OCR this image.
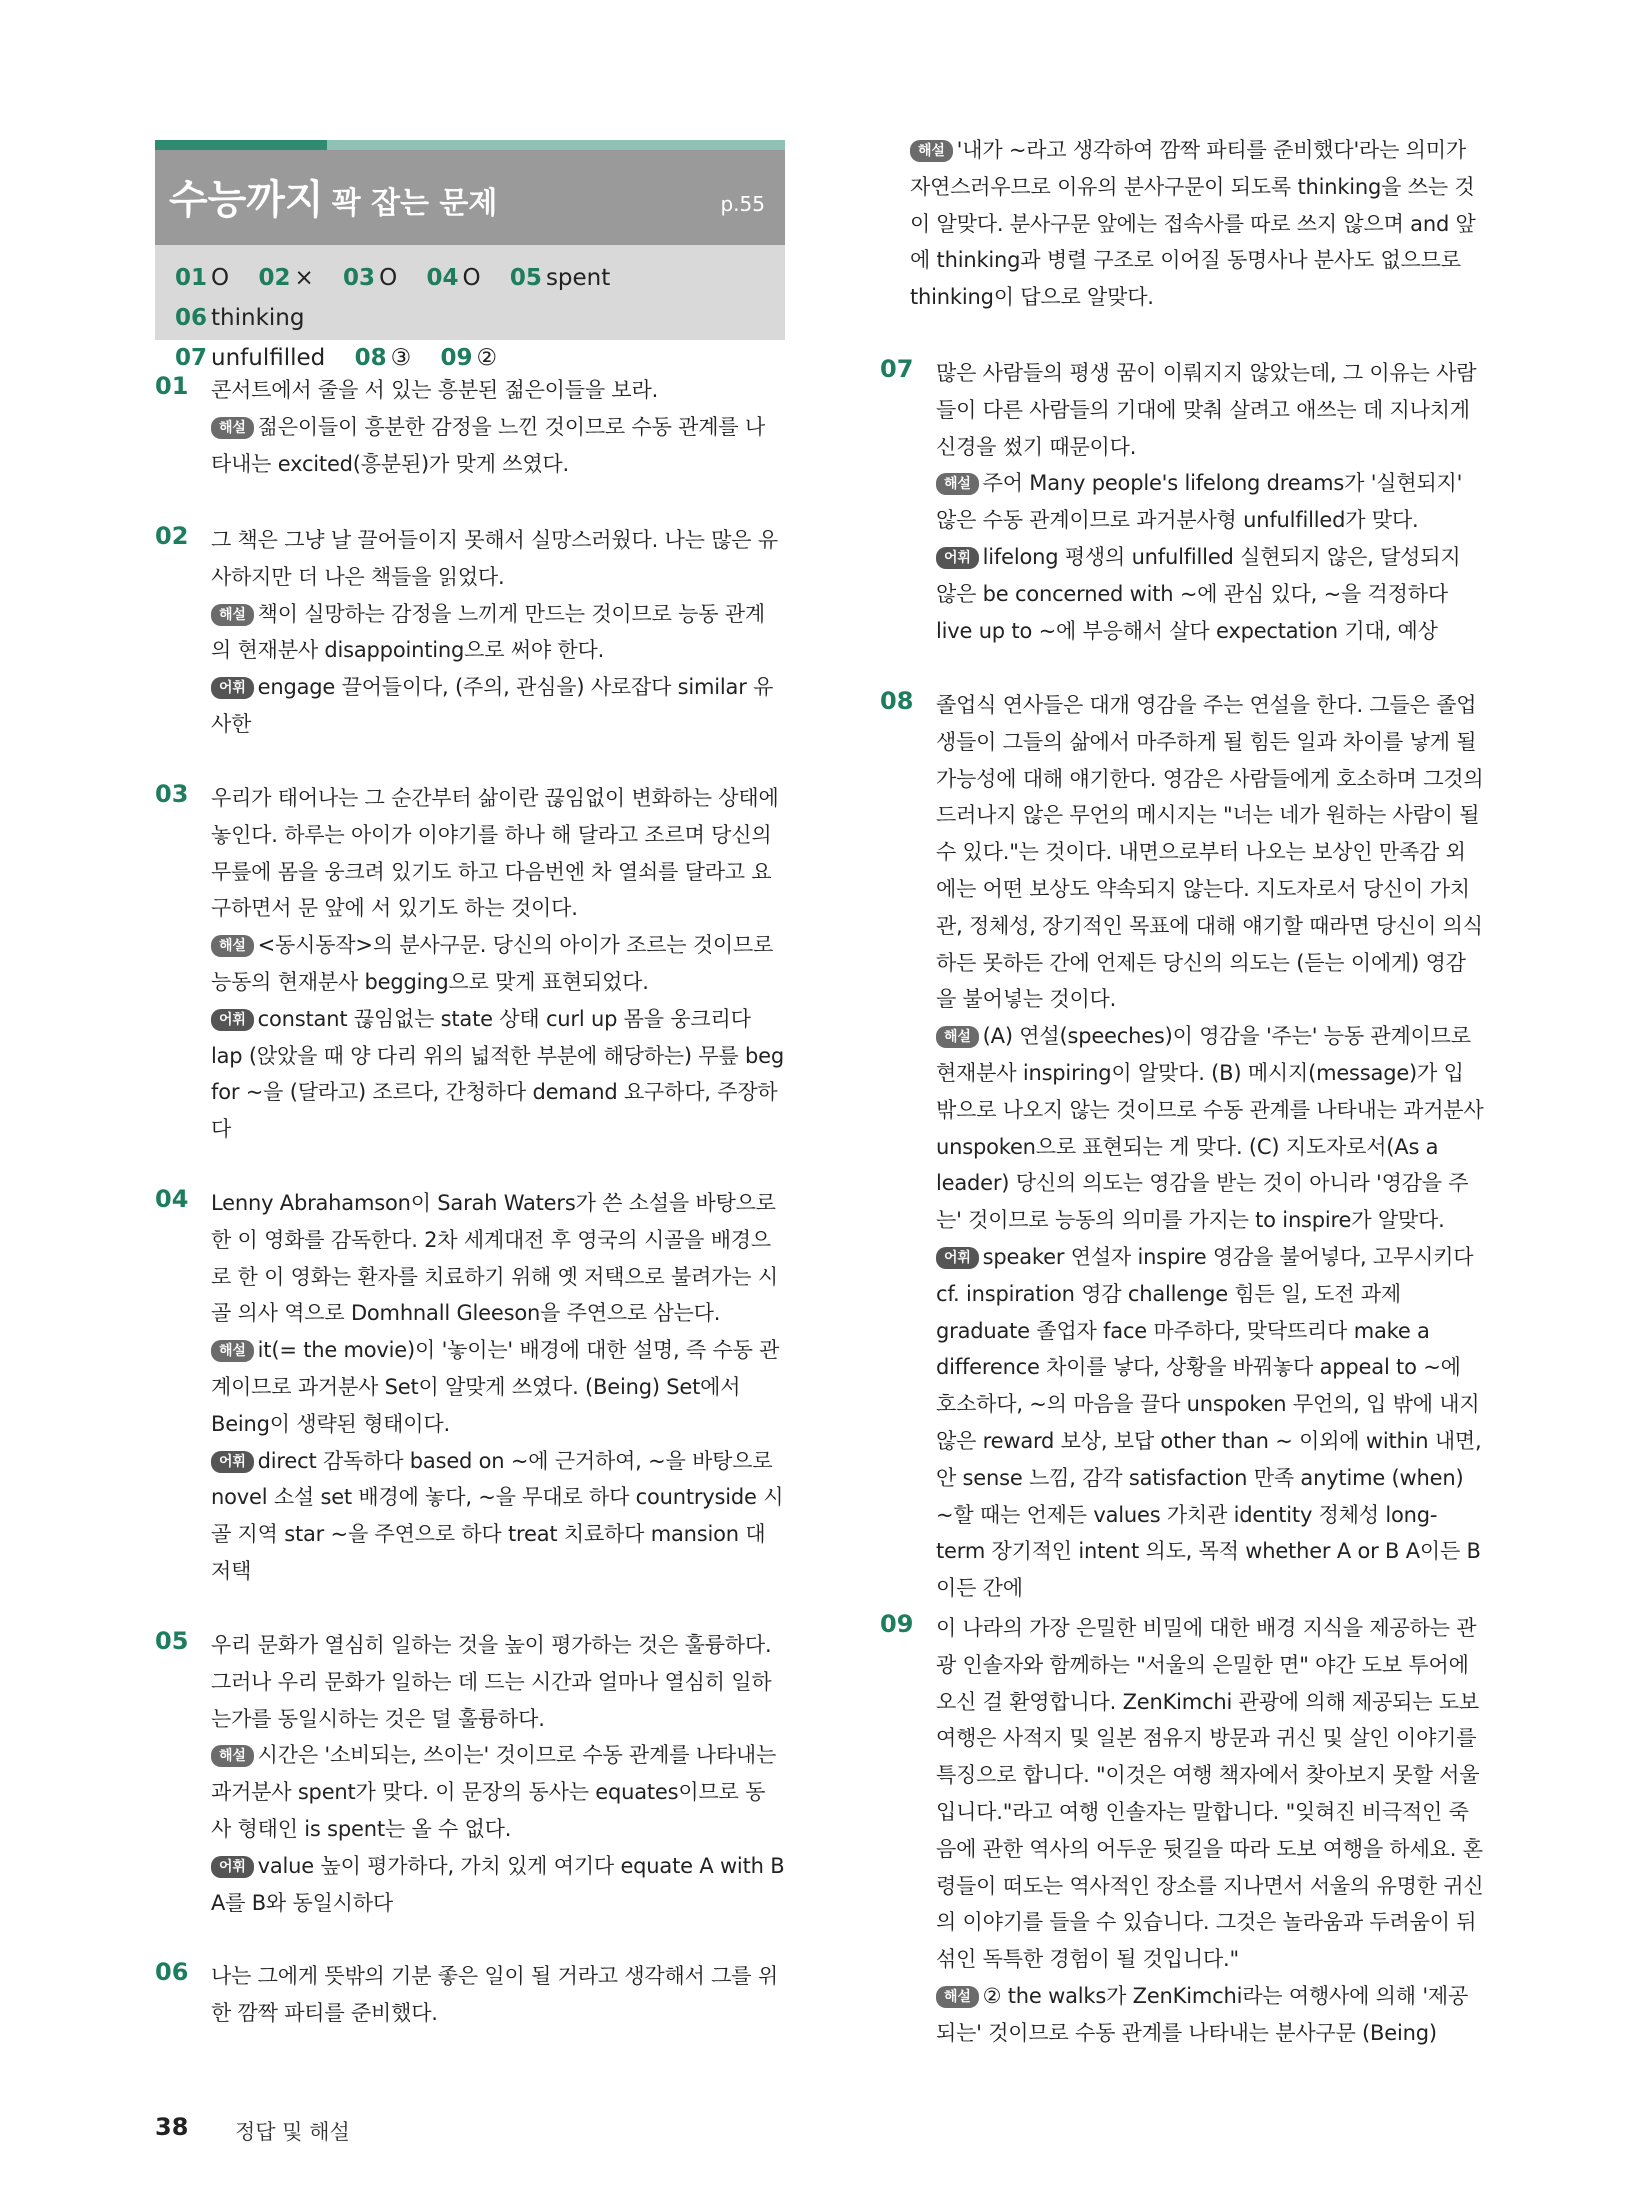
수능까지 꽉 잡는 문제	p.55
01 O 02 × 03 O 04 O 05 spent 06 thinking
07 unfulfilled 08 ③ 09 ②
01 콘서트에서 줄을 서 있는 흥분된 젊은이들을 보라.

해설 젊은이들이 흥분한 감정을 느낀 것이므로 수동 관계를 나타내는 excited(흥분된)가 맞게 쓰였다.

02 그 책은 그냥 날 끌어들이지 못해서 실망스러웠다. 나는 많은 유사하지만 더 나은 책들을 읽었다.

해설 책이 실망하는 감정을 느끼게 만드는 것이므로 능동 관계의 현재분사 disappointing으로 써야 한다.

어휘 engage 끌어들이다, (주의, 관심을) 사로잡다 similar 유사한

03 우리가 태어나는 그 순간부터 삶이란 끊임없이 변화하는 상태에 놓인다. 하루는 아이가 이야기를 하나 해 달라고 조르며 당신의 무릎에 몸을 웅크려 있기도 하고 다음번엔 차 열쇠를 달라고 요구하면서 문 앞에 서 있기도 하는 것이다.

해설 <동시동작>의 분사구문. 당신의 아이가 조르는 것이므로 능동의 현재분사 begging으로 맞게 표현되었다.

어휘 constant 끊임없는 state 상태 curl up 몸을 웅크리다 lap (앉았을 때 양 다리 위의 넓적한 부분에 해당하는) 무릎 beg for ~을 (달라고) 조르다, 간청하다 demand 요구하다, 주장하다

04 Lenny Abrahamson이 Sarah Waters가 쓴 소설을 바탕으로 한 이 영화를 감독한다. 2차 세계대전 후 영국의 시골을 배경으로 한 이 영화는 환자를 치료하기 위해 옛 저택으로 불려가는 시골 의사 역으로 Domhnall Gleeson을 주연으로 삼는다.

해설 it(= the movie)이 '놓이는' 배경에 대한 설명, 즉 수동 관계이므로 과거분사 Set이 알맞게 쓰였다. (Being) Set에서 Being이 생략된 형태이다.

어휘 direct 감독하다 based on ~에 근거하여, ~을 바탕으로 novel 소설 set 배경에 놓다, ~을 무대로 하다 countryside 시골 지역 star ~을 주연으로 하다 treat 치료하다 mansion 대저택

05 우리 문화가 열심히 일하는 것을 높이 평가하는 것은 훌륭하다. 그러나 우리 문화가 일하는 데 드는 시간과 얼마나 열심히 일하는가를 동일시하는 것은 덜 훌륭하다.

해설 시간은 '소비되는, 쓰이는' 것이므로 수동 관계를 나타내는 과거분사 spent가 맞다. 이 문장의 동사는 equates이므로 동사 형태인 is spent는 올 수 없다.

어휘 value 높이 평가하다, 가치 있게 여기다 equate A with B A를 B와 동일시하다

06 나는 그에게 뜻밖의 기분 좋은 일이 될 거라고 생각해서 그를 위한 깜짝 파티를 준비했다.

해설 '내가 ~라고 생각하여 깜짝 파티를 준비했다'라는 의미가 자연스러우므로 이유의 분사구문이 되도록 thinking을 쓰는 것이 알맞다. 분사구문 앞에는 접속사를 따로 쓰지 않으며 and 앞에 thinking과 병렬 구조로 이어질 동명사나 분사도 없으므로 thinking이 답으로 알맞다.

07 많은 사람들의 평생 꿈이 이뤄지지 않았는데, 그 이유는 사람들이 다른 사람들의 기대에 맞춰 살려고 애쓰는 데 지나치게 신경을 썼기 때문이다.

해설 주어 Many people's lifelong dreams가 '실현되지' 않은 수동 관계이므로 과거분사형 unfulfilled가 맞다.

어휘 lifelong 평생의 unfulfilled 실현되지 않은, 달성되지 않은 be concerned with ~에 관심 있다, ~을 걱정하다 live up to ~에 부응해서 살다 expectation 기대, 예상

08 졸업식 연사들은 대개 영감을 주는 연설을 한다. 그들은 졸업생들이 그들의 삶에서 마주하게 될 힘든 일과 차이를 낳게 될 가능성에 대해 얘기한다. 영감은 사람들에게 호소하며 그것의 드러나지 않은 무언의 메시지는 "너는 네가 원하는 사람이 될 수 있다."는 것이다. 내면으로부터 나오는 보상인 만족감 외에는 어떤 보상도 약속되지 않는다. 지도자로서 당신이 가치관, 정체성, 장기적인 목표에 대해 얘기할 때라면 당신이 의식하든 못하든 간에 언제든 당신의 의도는 (듣는 이에게) 영감을 불어넣는 것이다.

해설 (A) 연설(speeches)이 영감을 '주는' 능동 관계이므로 현재분사 inspiring이 알맞다. (B) 메시지(message)가 입 밖으로 나오지 않는 것이므로 수동 관계를 나타내는 과거분사 unspoken으로 표현되는 게 맞다. (C) 지도자로서(As a leader) 당신의 의도는 영감을 받는 것이 아니라 '영감을 주는' 것이므로 능동의 의미를 가지는 to inspire가 알맞다.

어휘 speaker 연설자 inspire 영감을 불어넣다, 고무시키다 cf. inspiration 영감 challenge 힘든 일, 도전 과제 graduate 졸업자 face 마주하다, 맞닥뜨리다 make a difference 차이를 낳다, 상황을 바꿔놓다 appeal to ~에 호소하다, ~의 마음을 끌다 unspoken 무언의, 입 밖에 내지 않은 reward 보상, 보답 other than ~ 이외에 within 내면, 안 sense 느낌, 감각 satisfaction 만족 anytime (when) ~할 때는 언제든 values 가치관 identity 정체성 long-term 장기적인 intent 의도, 목적 whether A or B A이든 B이든 간에

09 이 나라의 가장 은밀한 비밀에 대한 배경 지식을 제공하는 관광 인솔자와 함께하는 "서울의 은밀한 면" 야간 도보 투어에 오신 걸 환영합니다. ZenKimchi 관광에 의해 제공되는 도보 여행은 사적지 및 일본 점유지 방문과 귀신 및 살인 이야기를 특징으로 합니다. "이것은 여행 책자에서 찾아보지 못할 서울입니다."라고 여행 인솔자는 말합니다. "잊혀진 비극적인 죽음에 관한 역사의 어두운 뒷길을 따라 도보 여행을 하세요. 혼령들이 떠도는 역사적인 장소를 지나면서 서울의 유명한 귀신의 이야기를 들을 수 있습니다. 그것은 놀라움과 두려움이 뒤섞인 독특한 경험이 될 것입니다."

해설 ② the walks가 ZenKimchi라는 여행사에 의해 '제공되는' 것이므로 수동 관계를 나타내는 분사구문 (Being)

38 정답 및 해설
